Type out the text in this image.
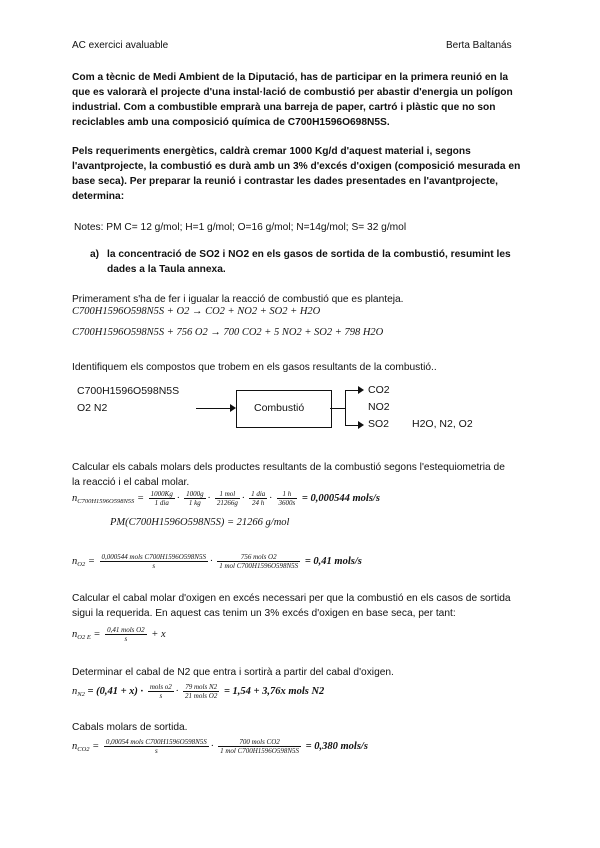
AC exercici avaluable	Berta Baltanás
Com a tècnic de Medi Ambient de la Diputació, has de participar en la primera reunió en la que es valorarà el projecte d'una instal·lació de combustió per abastir d'energia un polígon industrial. Com a combustible emprarà una barreja de paper, cartró i plàstic que no son reciclables amb una composició química de C700H1596O698N5S.
Pels requeriments energètics, caldrà cremar 1000 Kg/d d'aquest material i, segons l'avantprojecte, la combustió es durà amb un 3% d'excés d'oxigen (composició mesurada en base seca). Per preparar la reunió i contrastar les dades presentades en l'avantprojecte, determina:
Notes: PM C= 12 g/mol; H=1 g/mol; O=16 g/mol; N=14g/mol; S= 32 g/mol
a) la concentració de SO2 i NO2 en els gasos de sortida de la combustió, resumint les dades a la Taula annexa.
Primerament s'ha de fer i igualar la reacció de combustió que es planteja.
C700H1596O598N5S + O2 → CO2 + NO2 + SO2 + H2O
C700H1596O598N5S + 756 O2 → 700 CO2 + 5 NO2 + SO2 + 798 H2O
Identifiquem els compostos que trobem en els gasos resultants de la combustió..
C700H1596O598N5S
O2 N2	Combustió
CO2
NO2
SO2 H2O, N2, O2
Calcular els cabals molars dels productes resultants de la combustió segons l'estequiometria de la reacció i el cabal molar.
$n_{C700H1596O598N5S} = \frac{1000Kg}{\text{1 dia}} \cdot \frac{1000g}{1 kg} \cdot \frac{\text{1 mol}}{21266g} \cdot \frac{\text{1 dia}}{24 h} \cdot \frac{1 h}{3600s} = 0,000544$ mols/s
PM(C700H1596O598N5S) = 21266 g/mol
$n_{O2} = \frac{\text{0,000544 mols C700H1596O598N5S}}{s} \cdot \frac{\text{756 mols O2}}{\text{1 mol C700H1596O598N5S}} = 0,41$ mols/s
Calcular el cabal molar d'oxigen en excés necessari per que la combustió en els casos de sortida sigui la requerida. En aquest cas tenim un 3% excés d'oxigen en base seca, per tant:
$n_{O2 E} = \frac{\text{0,41 mols O2}}{s} + x$
Determinar el cabal de N2 que entra i sortirà a partir del cabal d'oxigen.
$n_{N2} = (0,41 + x) \cdot \frac{\text{mols o2}}{s} \cdot \frac{\text{79 mols N2}}{\text{21 mols O2}} = 1,54 + 3,76x$ mols N2
Cabals molars de sortida.
$n_{CO2} = \frac{\text{0,00054 mols C700H1596O598N5S}}{s} \cdot \frac{\text{700 mols CO2}}{\text{1 mol C700H1596O598N5S}} = 0,380$ mols/s
